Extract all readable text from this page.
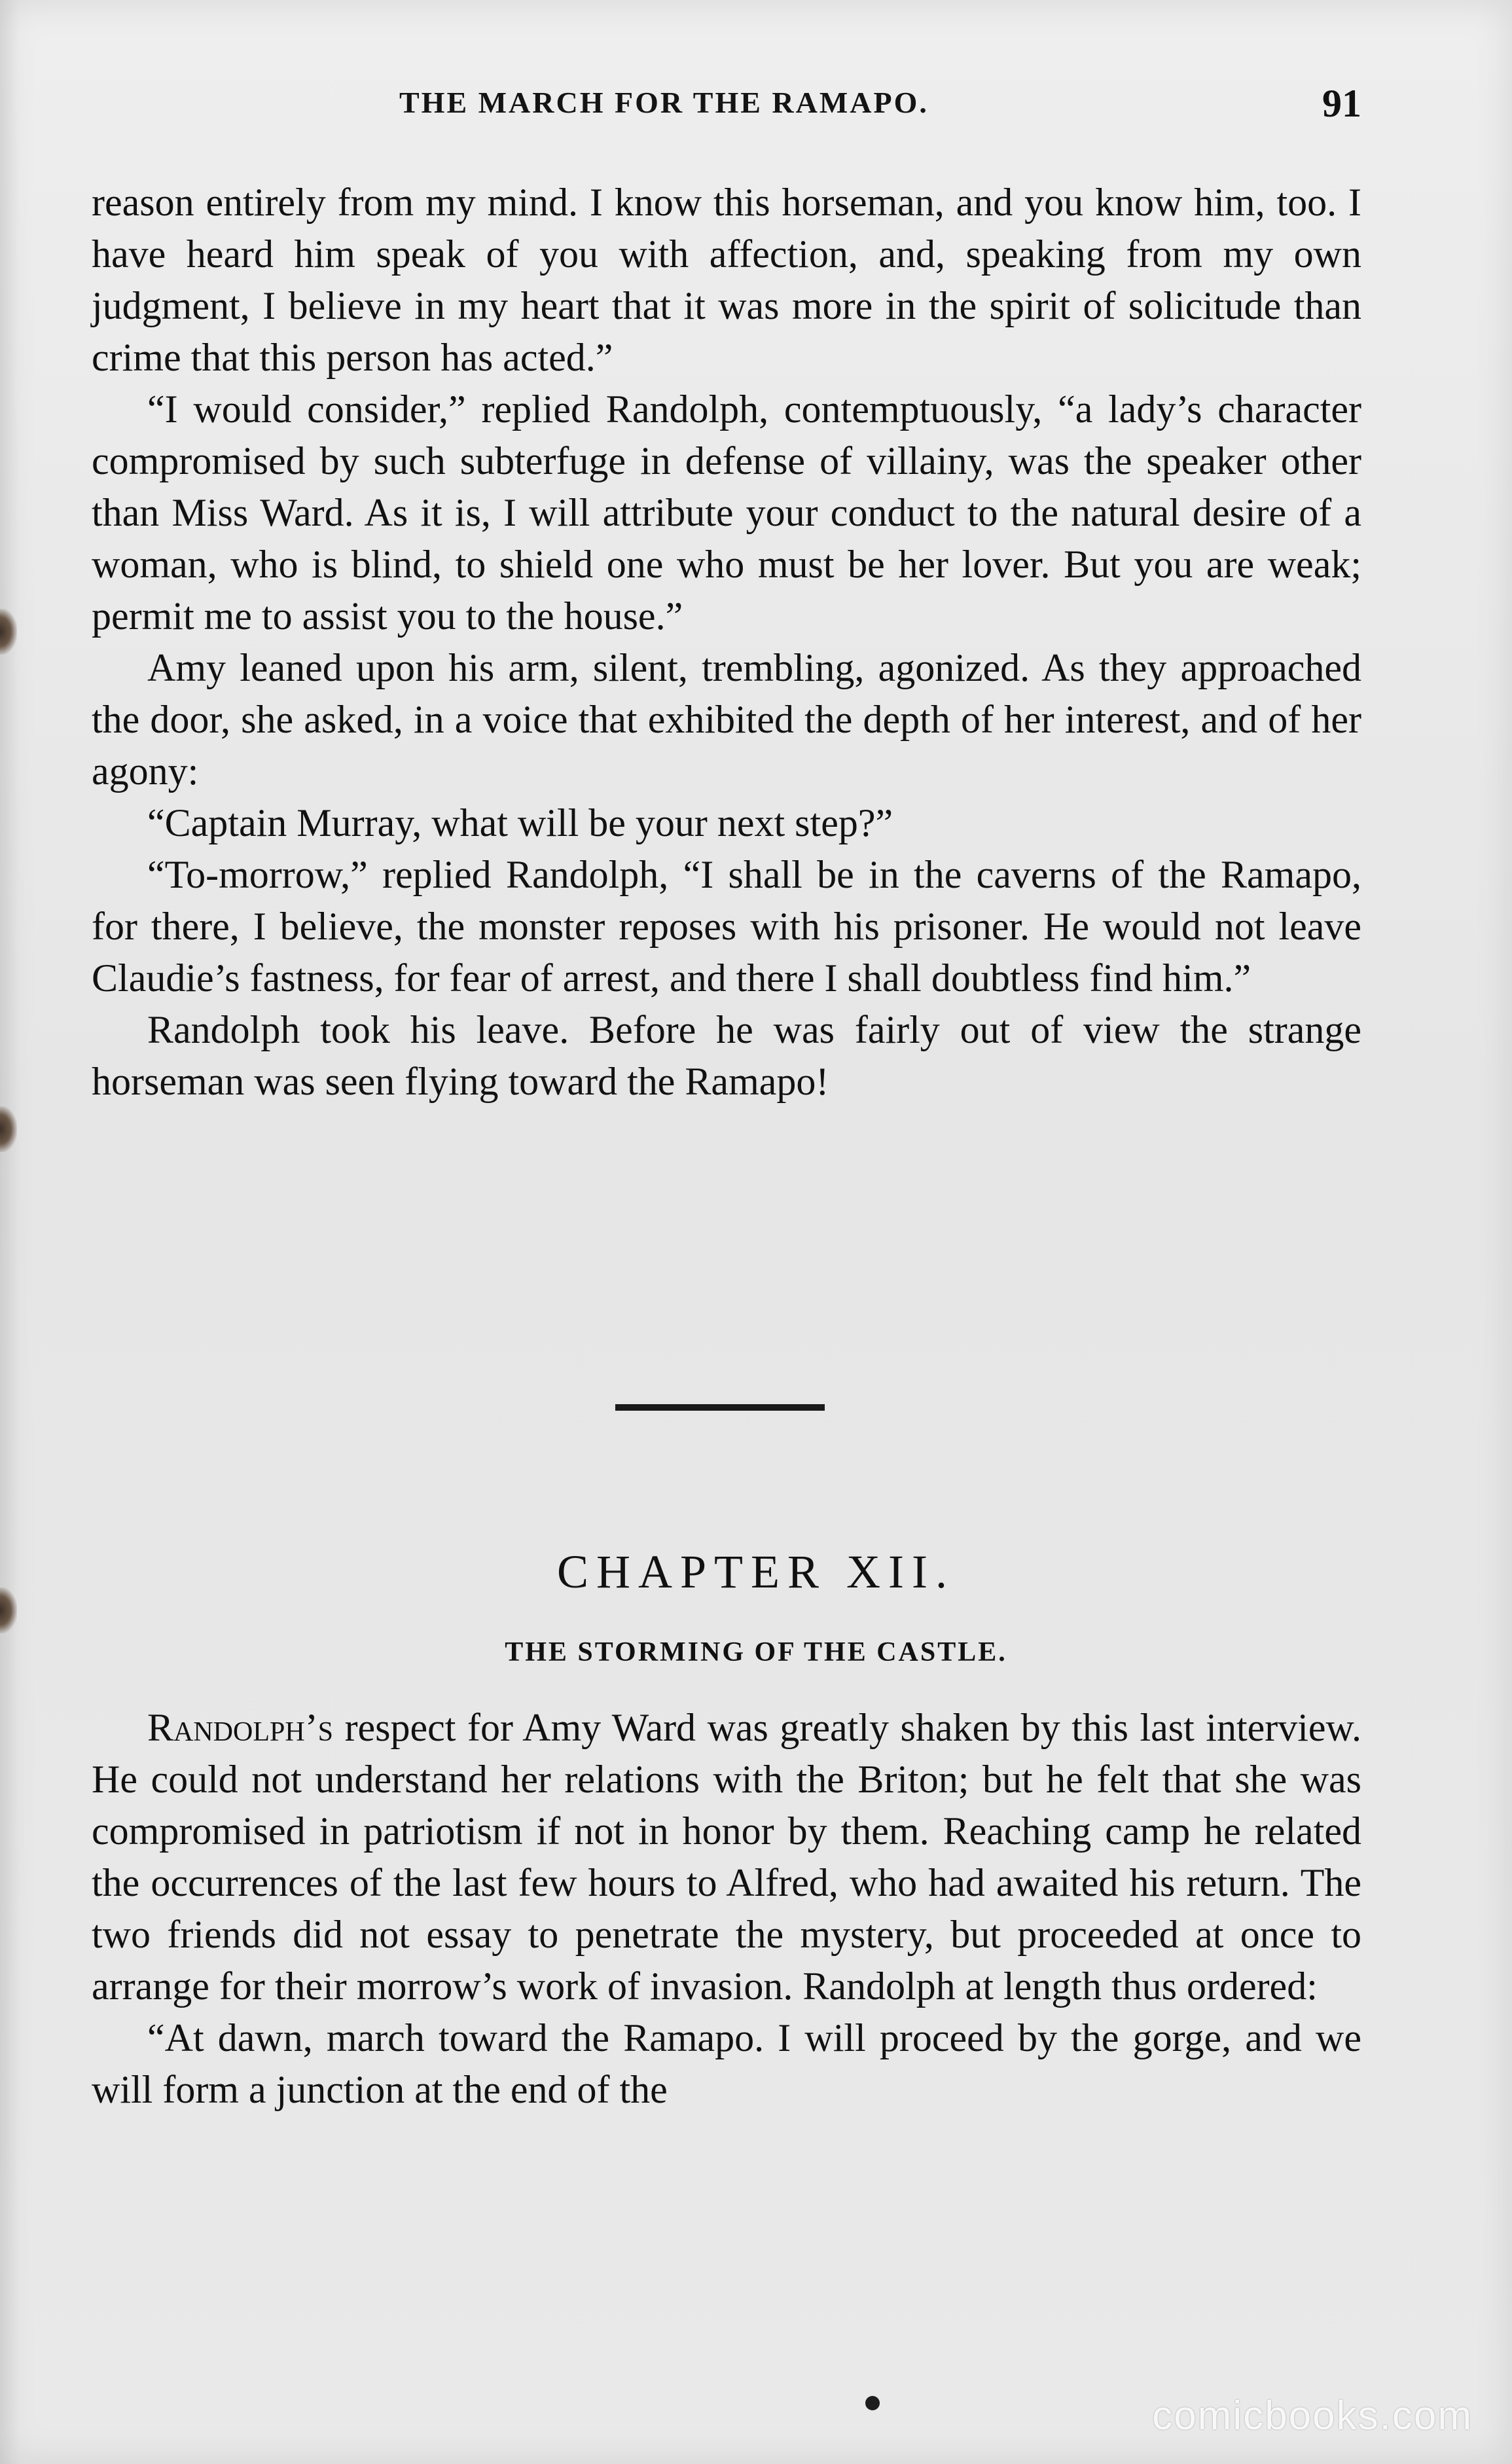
THE MARCH FOR THE RAMAPO.	91

reason entirely from my mind. I know this horseman, and you know him, too. I have heard him speak of you with affection, and, speaking from my own judgment, I believe in my heart that it was more in the spirit of solicitude than crime that this person has acted.”

“I would consider,” replied Randolph, contemptuously, “a lady’s character compromised by such subterfuge in defense of villainy, was the speaker other than Miss Ward. As it is, I will attribute your conduct to the natural desire of a woman, who is blind, to shield one who must be her lover. But you are weak; permit me to assist you to the house.”

Amy leaned upon his arm, silent, trembling, agonized. As they approached the door, she asked, in a voice that exhibited the depth of her interest, and of her agony:

“Captain Murray, what will be your next step?”

“To-morrow,” replied Randolph, “I shall be in the caverns of the Ramapo, for there, I believe, the monster reposes with his prisoner. He would not leave Claudie’s fastness, for fear of arrest, and there I shall doubtless find him.”

Randolph took his leave. Before he was fairly out of view the strange horseman was seen flying toward the Ramapo!

CHAPTER XII.
THE STORMING OF THE CASTLE.

Randolph’s respect for Amy Ward was greatly shaken by this last interview. He could not understand her relations with the Briton; but he felt that she was compromised in patriotism if not in honor by them. Reaching camp he related the occurrences of the last few hours to Alfred, who had awaited his return. The two friends did not essay to penetrate the mystery, but proceeded at once to arrange for their morrow’s work of invasion. Randolph at length thus ordered:

“At dawn, march toward the Ramapo. I will proceed by the gorge, and we will form a junction at the end of the

comicbooks.com
